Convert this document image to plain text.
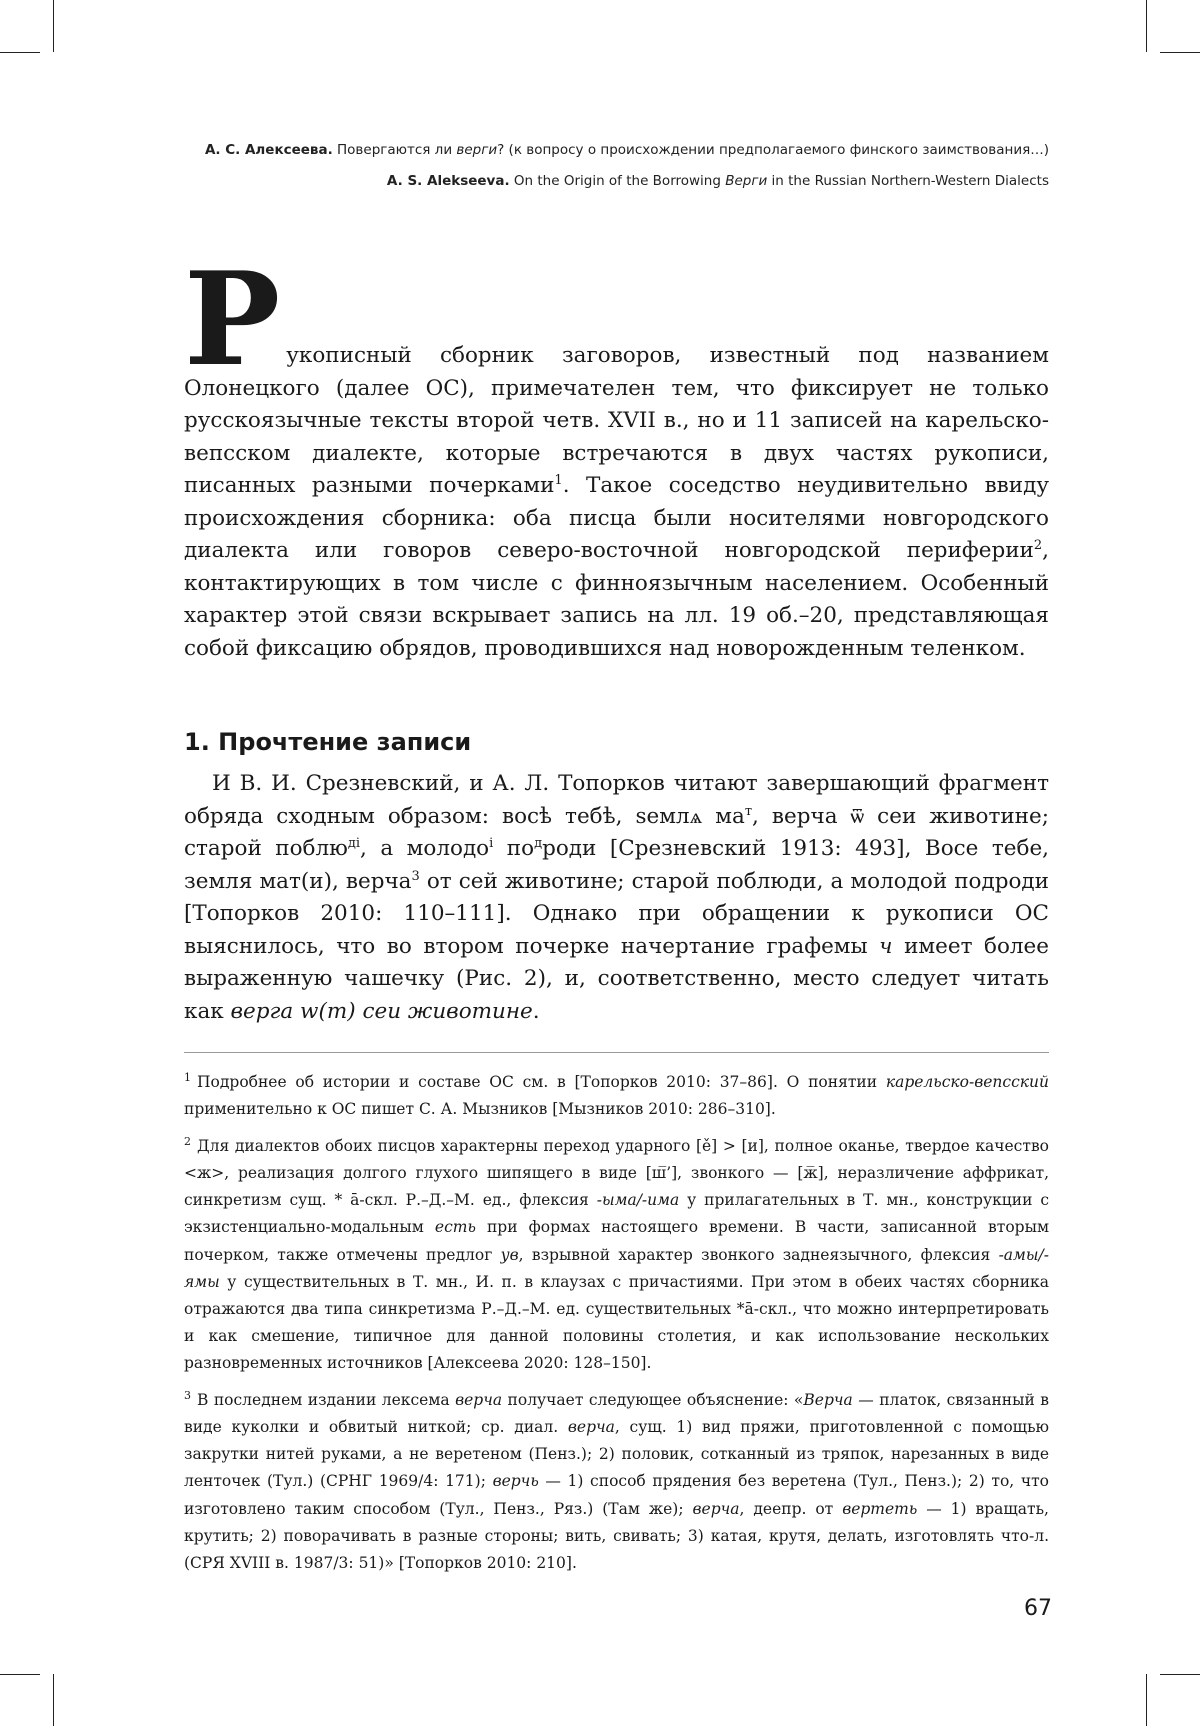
А. С. Алексеева. Повергаются ли верги? (к вопросу о происхождении предполагаемого финского заимствования…)
A. S. Alekseeva. On the Origin of the Borrowing Верги in the Russian Northern-Western Dialects
Р укописный сборник заговоров, известный под названием Олонецкого (далее ОС), примечателен тем, что фиксирует не только русскоязычные тексты второй четв. XVII в., но и 11 записей на карельско-вепсском диалекте, которые встречаются в двух частях рукописи, писанных разными почерками$^1$. Такое соседство неудивительно ввиду происхождения сборника: оба писца были носителями новгородского диалекта или говоров северо-восточной новгородской периферии$^2$, контактирующих в том числе с финноязычным населением. Особенный характер этой связи вскрывает запись на лл. 19 об.–20, представляющая собой фиксацию обрядов, проводившихся над новорожденным теленком.
1. Прочтение записи
И В. И. Срезневский, и А. Л. Топорков читают завершающий фрагмент обряда сходным образом: восѣ тебѣ, ѕемлѧ $ма^т$, верча ѿ сеи животине; старой поблю$^{ді}$, а молодо$^і$ $по^дроди$ [Срезневский 1913: 493], Восе тебе, земля мат(и), верча$^3$ от сей животине; старой поблюди, а молодой подроди [Топорков 2010: 110–111]. Однако при обращении к рукописи ОС выяснилось, что во втором почерке начертание графемы ч имеет более выраженную чашечку (Рис. 2), и, соответственно, место следует читать как верга w(т) сеи животине.
$^1$ Подробнее об истории и составе ОС см. в [Топорков 2010: 37–86]. О понятии карельско-вепсский применительно к ОС пишет С. А. Мызников [Мызников 2010: 286–310].
$^2$ Для диалектов обоих писцов характерны переход ударного [ě] > [и], полное оканье, твердое качество <ж>, реализация долгого глухого шипящего в виде [ш̅’], звонкого — [ж̅], неразличение аффрикат, синкретизм сущ. * ā-скл. Р.–Д.–М. ед., флексия -ыма/-има у прилагательных в Т. мн., конструкции с экзистенциально-модальным есть при формах настоящего времени. В части, записанной вторым почерком, также отмечены предлог ув, взрывной характер звонкого заднеязычного, флексия -амы/-ямы у существительных в Т. мн., И. п. в клаузах с причастиями. При этом в обеих частях сборника отражаются два типа синкретизма Р.–Д.–М. ед. существительных *ā-скл., что можно интерпретировать и как смешение, типичное для данной половины столетия, и как использование нескольких разновременных источников [Алексеева 2020: 128–150].
$^3$ В последнем издании лексема верча получает следующее объяснение: «Верча — платок, связанный в виде куколки и обвитый ниткой; ср. диал. верча, сущ. 1) вид пряжи, приготовленной с помощью закрутки нитей руками, а не веретеном (Пенз.); 2) половик, сотканный из тряпок, нарезанных в виде ленточек (Тул.) (СРНГ 1969/4: 171); верчь — 1) способ прядения без веретена (Тул., Пенз.); 2) то, что изготовлено таким способом (Тул., Пенз., Ряз.) (Там же); верча, деепр. от вертеть — 1) вращать, крутить; 2) поворачивать в разные стороны; вить, свивать; 3) катая, крутя, делать, изготовлять что-л. (СРЯ XVIII в. 1987/3: 51)» [Топорков 2010: 210].
67
